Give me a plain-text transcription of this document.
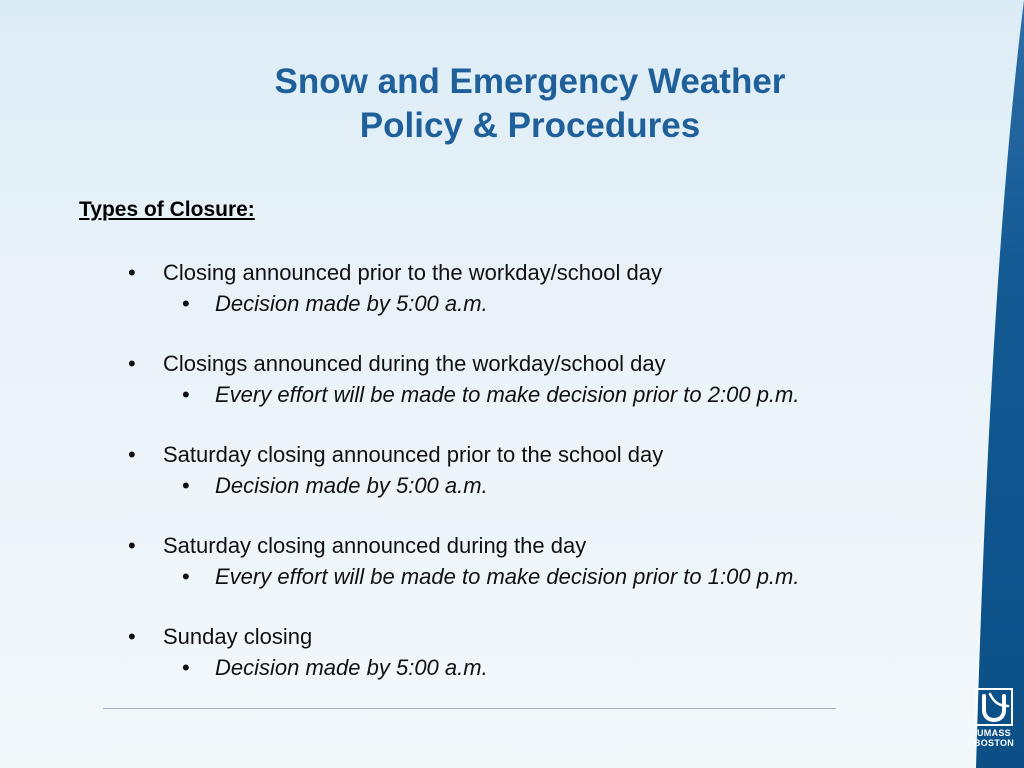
Snow and Emergency Weather
Policy & Procedures
Types of Closure:
• Closing announced prior to the workday/school day
• Decision made by 5:00 a.m.
• Closings announced during the workday/school day
• Every effort will be made to make decision prior to 2:00 p.m.
• Saturday closing announced prior to the school day
• Decision made by 5:00 a.m.
• Saturday closing announced during the day
• Every effort will be made to make decision prior to 1:00 p.m.
• Sunday closing
• Decision made by 5:00 a.m.
UMASS
BOSTON
